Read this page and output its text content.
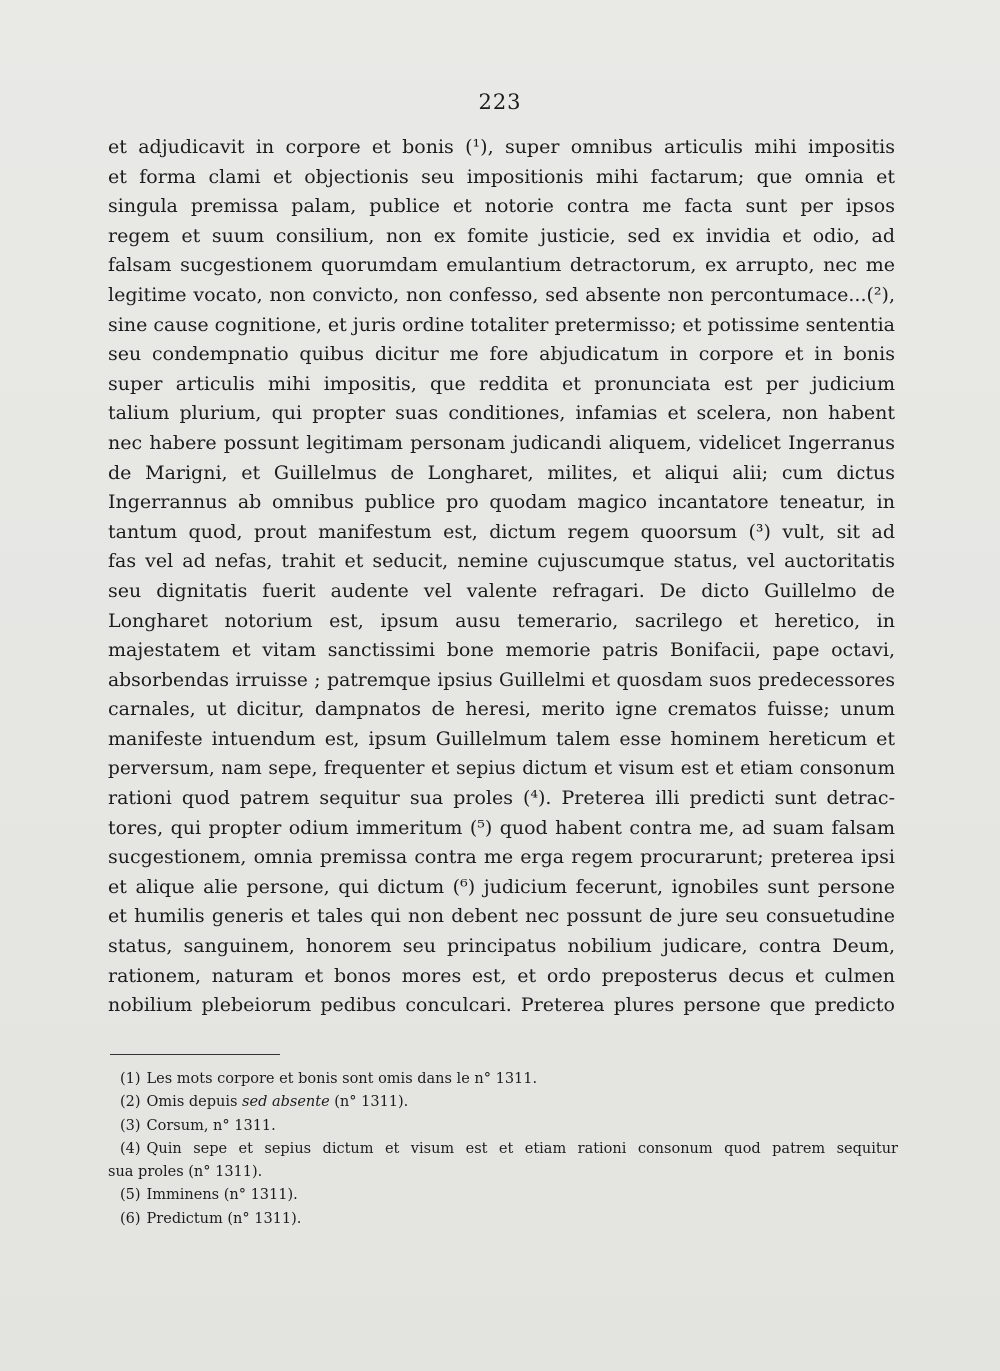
223
et adjudicavit in corpore et bonis (¹), super omnibus articulis mihi impositis
et forma clami et objectionis seu impositionis mihi factarum; que omnia et
singula premissa palam, publice et notorie contra me facta sunt per ipsos
regem et suum consilium, non ex fomite justicie, sed ex invidia et odio, ad
falsam sucgestionem quorumdam emulantium detractorum, ex arrupto, nec me
legitime vocato, non convicto, non confesso, sed absente non percontumace...(²),
sine cause cognitione, et juris ordine totaliter pretermisso; et potissime sententia
seu condempnatio quibus dicitur me fore abjudicatum in corpore et in bonis
super articulis mihi impositis, que reddita et pronunciata est per judicium
talium plurium, qui propter suas conditiones, infamias et scelera, non habent
nec habere possunt legitimam personam judicandi aliquem, videlicet Ingerranus
de Marigni, et Guillelmus de Longharet, milites, et aliqui alii; cum dictus
Ingerrannus ab omnibus publice pro quodam magico incantatore teneatur, in
tantum quod, prout manifestum est, dictum regem quoorsum (³) vult, sit ad
fas vel ad nefas, trahit et seducit, nemine cujuscumque status, vel auctoritatis
seu dignitatis fuerit audente vel valente refragari. De dicto Guillelmo de
Longharet notorium est, ipsum ausu temerario, sacrilego et heretico, in
majestatem et vitam sanctissimi bone memorie patris Bonifacii, pape octavi,
absorbendas irruisse ; patremque ipsius Guillelmi et quosdam suos predecessores
carnales, ut dicitur, dampnatos de heresi, merito igne crematos fuisse; unum
manifeste intuendum est, ipsum Guillelmum talem esse hominem hereticum et
perversum, nam sepe, frequenter et sepius dictum et visum est et etiam consonum
rationi quod patrem sequitur sua proles (⁴). Preterea illi predicti sunt detrac-
tores, qui propter odium immeritum (⁵) quod habent contra me, ad suam falsam
sucgestionem, omnia premissa contra me erga regem procurarunt; preterea ipsi
et alique alie persone, qui dictum (⁶) judicium fecerunt, ignobiles sunt persone
et humilis generis et tales qui non debent nec possunt de jure seu consuetudine
status, sanguinem, honorem seu principatus nobilium judicare, contra Deum,
rationem, naturam et bonos mores est, et ordo preposterus decus et culmen
nobilium plebeiorum pedibus conculcari. Preterea plures persone que predicto

(1) Les mots corpore et bonis sont omis dans le n° 1311.

(2) Omis depuis sed absente (n° 1311).

(3) Corsum, n° 1311.

(4) Quin sepe et sepius dictum et visum est et etiam rationi consonum quod patrem sequitur
sua proles (n° 1311).

(5) Imminens (n° 1311).

(6) Predictum (n° 1311).
